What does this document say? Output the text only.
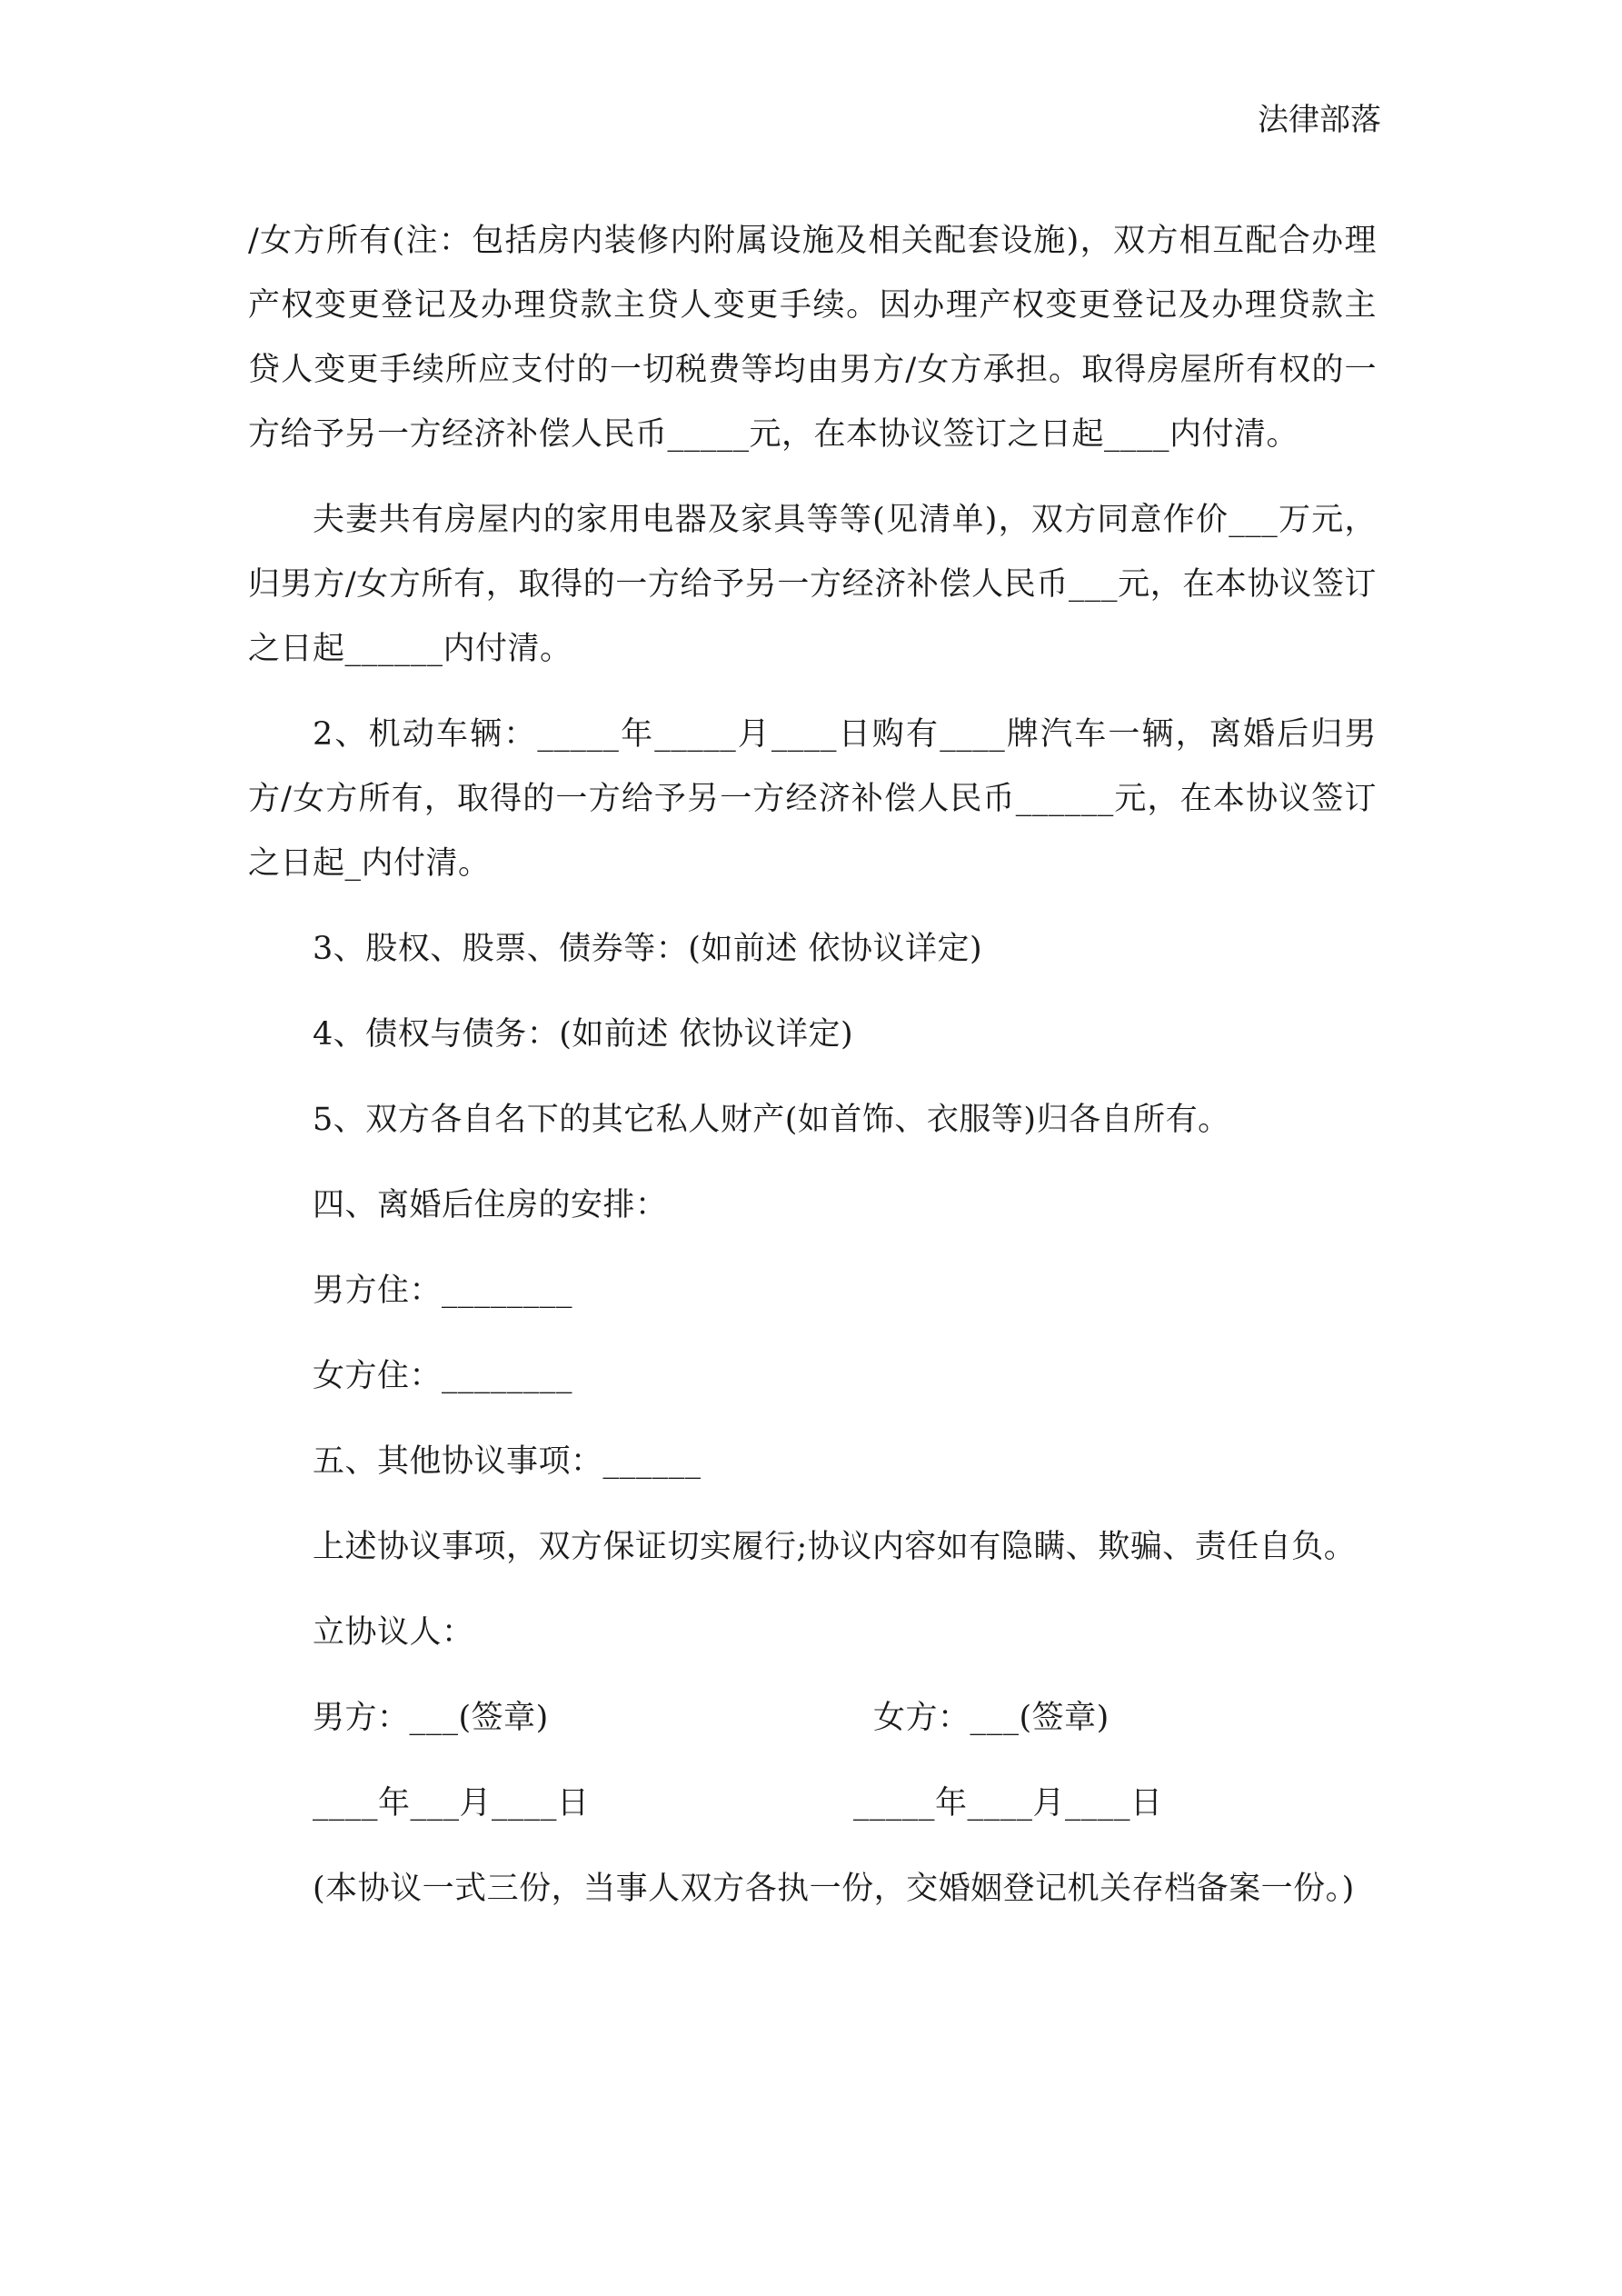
法律部落

/女方所有(注：包括房内装修内附属设施及相关配套设施)，双方相互配合办理产权变更登记及办理贷款主贷人变更手续。因办理产权变更登记及办理贷款主贷人变更手续所应支付的一切税费等均由男方/女方承担。取得房屋所有权的一方给予另一方经济补偿人民币_____元，在本协议签订之日起____内付清。

夫妻共有房屋内的家用电器及家具等等(见清单)，双方同意作价___万元，归男方/女方所有，取得的一方给予另一方经济补偿人民币___元，在本协议签订之日起______内付清。

2、机动车辆：_____年_____月____日购有____牌汽车一辆，离婚后归男方/女方所有，取得的一方给予另一方经济补偿人民币______元，在本协议签订之日起_内付清。

3、股权、股票、债券等：(如前述 依协议详定)

4、债权与债务：(如前述 依协议详定)

5、双方各自名下的其它私人财产(如首饰、衣服等)归各自所有。

四、离婚后住房的安排：

男方住：________

女方住：________

五、其他协议事项：______

上述协议事项，双方保证切实履行;协议内容如有隐瞒、欺骗、责任自负。

立协议人：

男方：___(签章)	女方：___(签章)
____年___月____日	_____年____月____日

(本协议一式三份，当事人双方各执一份，交婚姻登记机关存档备案一份。)
